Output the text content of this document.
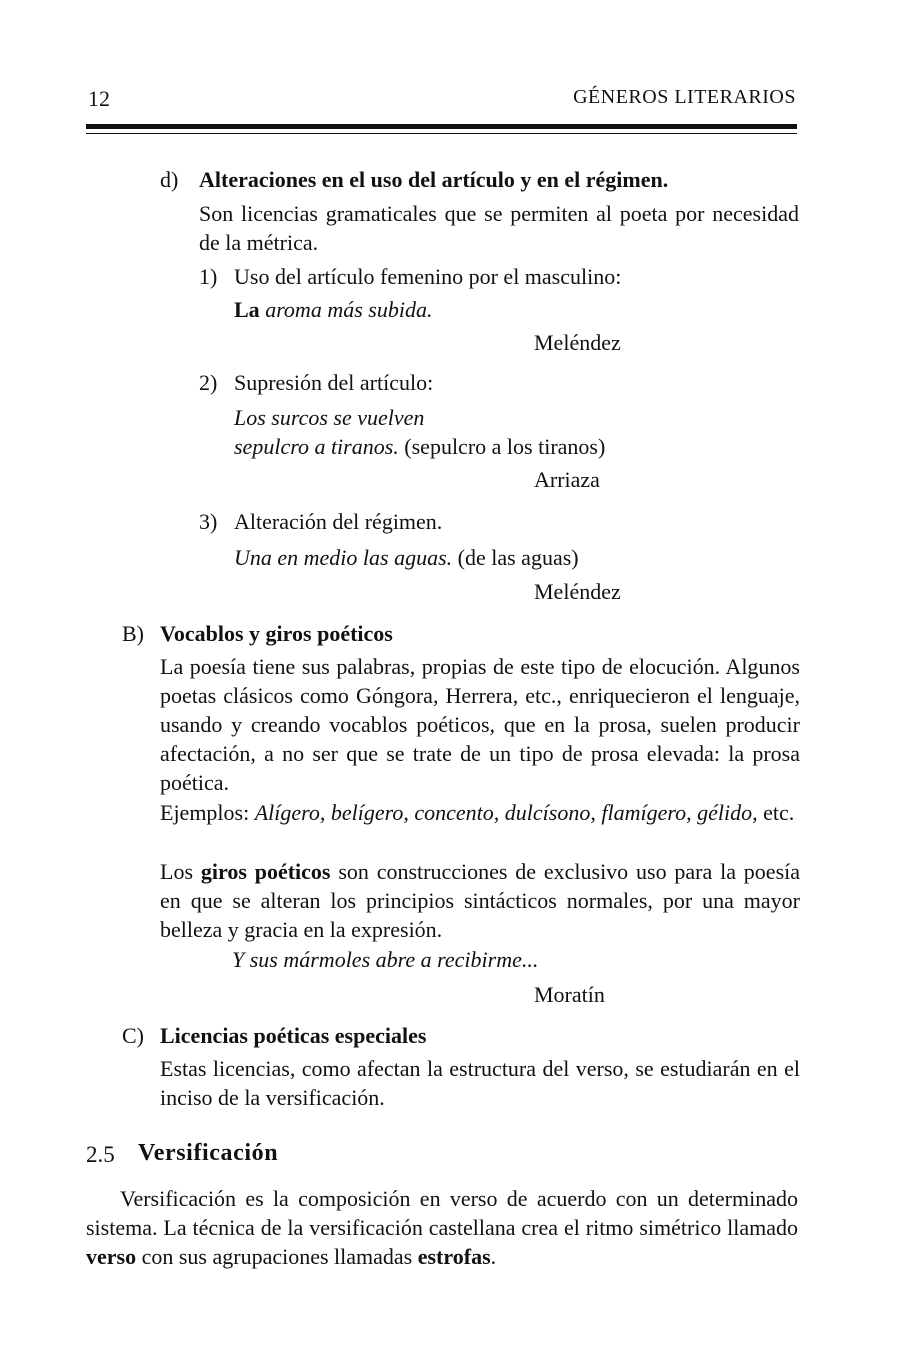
12	GÉNEROS LITERARIOS
d) Alteraciones en el uso del artículo y en el régimen.
Son licencias gramaticales que se permiten al poeta por necesidad de la métrica.
1) Uso del artículo femenino por el masculino:
La aroma más subida.
Meléndez
2) Supresión del artículo:
Los surcos se vuelven
sepulcro a tiranos. (sepulcro a los tiranos)
Arriaza
3) Alteración del régimen.
Una en medio las aguas. (de las aguas)
Meléndez
B) Vocablos y giros poéticos
La poesía tiene sus palabras, propias de este tipo de elocución. Algunos poetas clásicos como Góngora, Herrera, etc., enriquecieron el lenguaje, usando y creando vocablos poéticos, que en la prosa, suelen producir afectación, a no ser que se trate de un tipo de prosa elevada: la prosa poética.
Ejemplos: Alígero, belígero, concento, dulcísono, flamígero, gélido, etc.
Los giros poéticos son construcciones de exclusivo uso para la poesía en que se alteran los principios sintácticos normales, por una mayor belleza y gracia en la expresión.
Y sus mármoles abre a recibirme...
Moratín
C) Licencias poéticas especiales
Estas licencias, como afectan la estructura del verso, se estudiarán en el inciso de la versificación.
2.5 Versificación
Versificación es la composición en verso de acuerdo con un determinado sistema. La técnica de la versificación castellana crea el ritmo simétrico llamado verso con sus agrupaciones llamadas estrofas.
